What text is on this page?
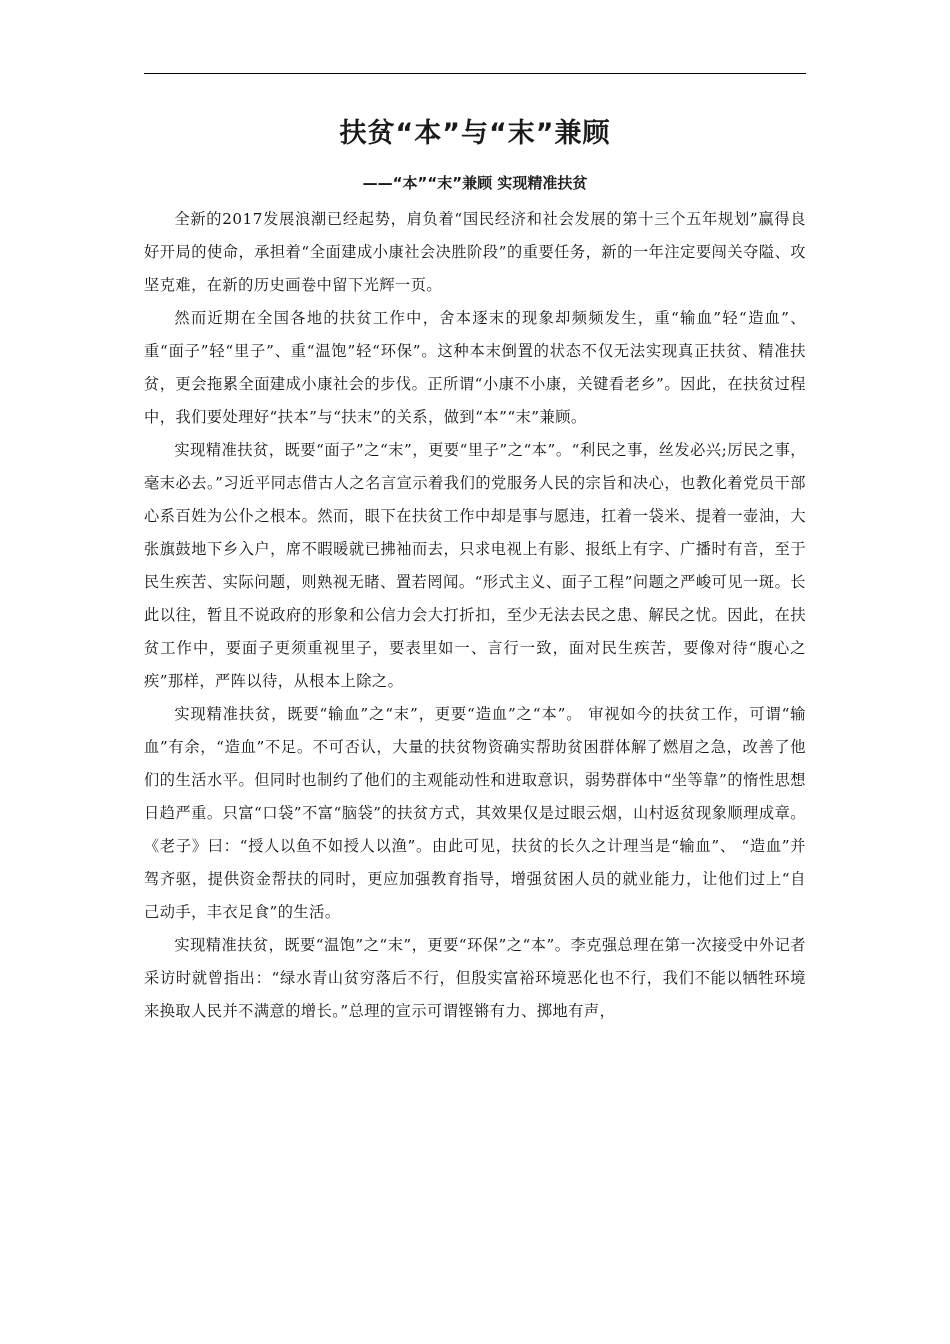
扶贫“本”与“末”兼顾
——“本”“末”兼顾 实现精准扶贫

全新的2017发展浪潮已经起势，肩负着“国民经济和社会发展的第十三个五年规划”赢得良好开局的使命，承担着“全面建成小康社会决胜阶段”的重要任务，新的一年注定要闯关夺隘、攻坚克难，在新的历史画卷中留下光辉一页。

然而近期在全国各地的扶贫工作中，舍本逐末的现象却频频发生，重“输血”轻“造血”、重“面子”轻“里子”、重“温饱”轻“环保”。这种本末倒置的状态不仅无法实现真正扶贫、精准扶贫，更会拖累全面建成小康社会的步伐。正所谓“小康不小康，关键看老乡”。因此，在扶贫过程中，我们要处理好“扶本”与“扶末”的关系，做到“本”“末”兼顾。

实现精准扶贫，既要“面子”之“末”，更要“里子”之“本”。“利民之事，丝发必兴;厉民之事，毫末必去。”习近平同志借古人之名言宣示着我们的党服务人民的宗旨和决心，也教化着党员干部心系百姓为公仆之根本。然而，眼下在扶贫工作中却是事与愿违，扛着一袋米、提着一壶油，大张旗鼓地下乡入户，席不暇暖就已拂袖而去，只求电视上有影、报纸上有字、广播时有音，至于民生疾苦、实际问题，则熟视无睹、置若罔闻。“形式主义、面子工程”问题之严峻可见一斑。长此以往，暂且不说政府的形象和公信力会大打折扣，至少无法去民之患、解民之忧。因此，在扶贫工作中，要面子更须重视里子，要表里如一、言行一致，面对民生疾苦，要像对待“腹心之疾”那样，严阵以待，从根本上除之。

实现精准扶贫，既要“输血”之“末”，更要“造血”之“本”。 审视如今的扶贫工作，可谓“输血”有余，“造血”不足。不可否认，大量的扶贫物资确实帮助贫困群体解了燃眉之急，改善了他们的生活水平。但同时也制约了他们的主观能动性和进取意识，弱势群体中“坐等靠”的惰性思想日趋严重。只富“口袋”不富“脑袋”的扶贫方式，其效果仅是过眼云烟，山村返贫现象顺理成章。《老子》曰：“授人以鱼不如授人以渔”。由此可见，扶贫的长久之计理当是“输血”、 “造血”并驾齐驱，提供资金帮扶的同时，更应加强教育指导，增强贫困人员的就业能力，让他们过上“自己动手，丰衣足食”的生活。

实现精准扶贫，既要“温饱”之“末”，更要“环保”之“本”。李克强总理在第一次接受中外记者采访时就曾指出：“绿水青山贫穷落后不行，但殷实富裕环境恶化也不行，我们不能以牺牲环境来换取人民并不满意的增长。”总理的宣示可谓铿锵有力、掷地有声，
